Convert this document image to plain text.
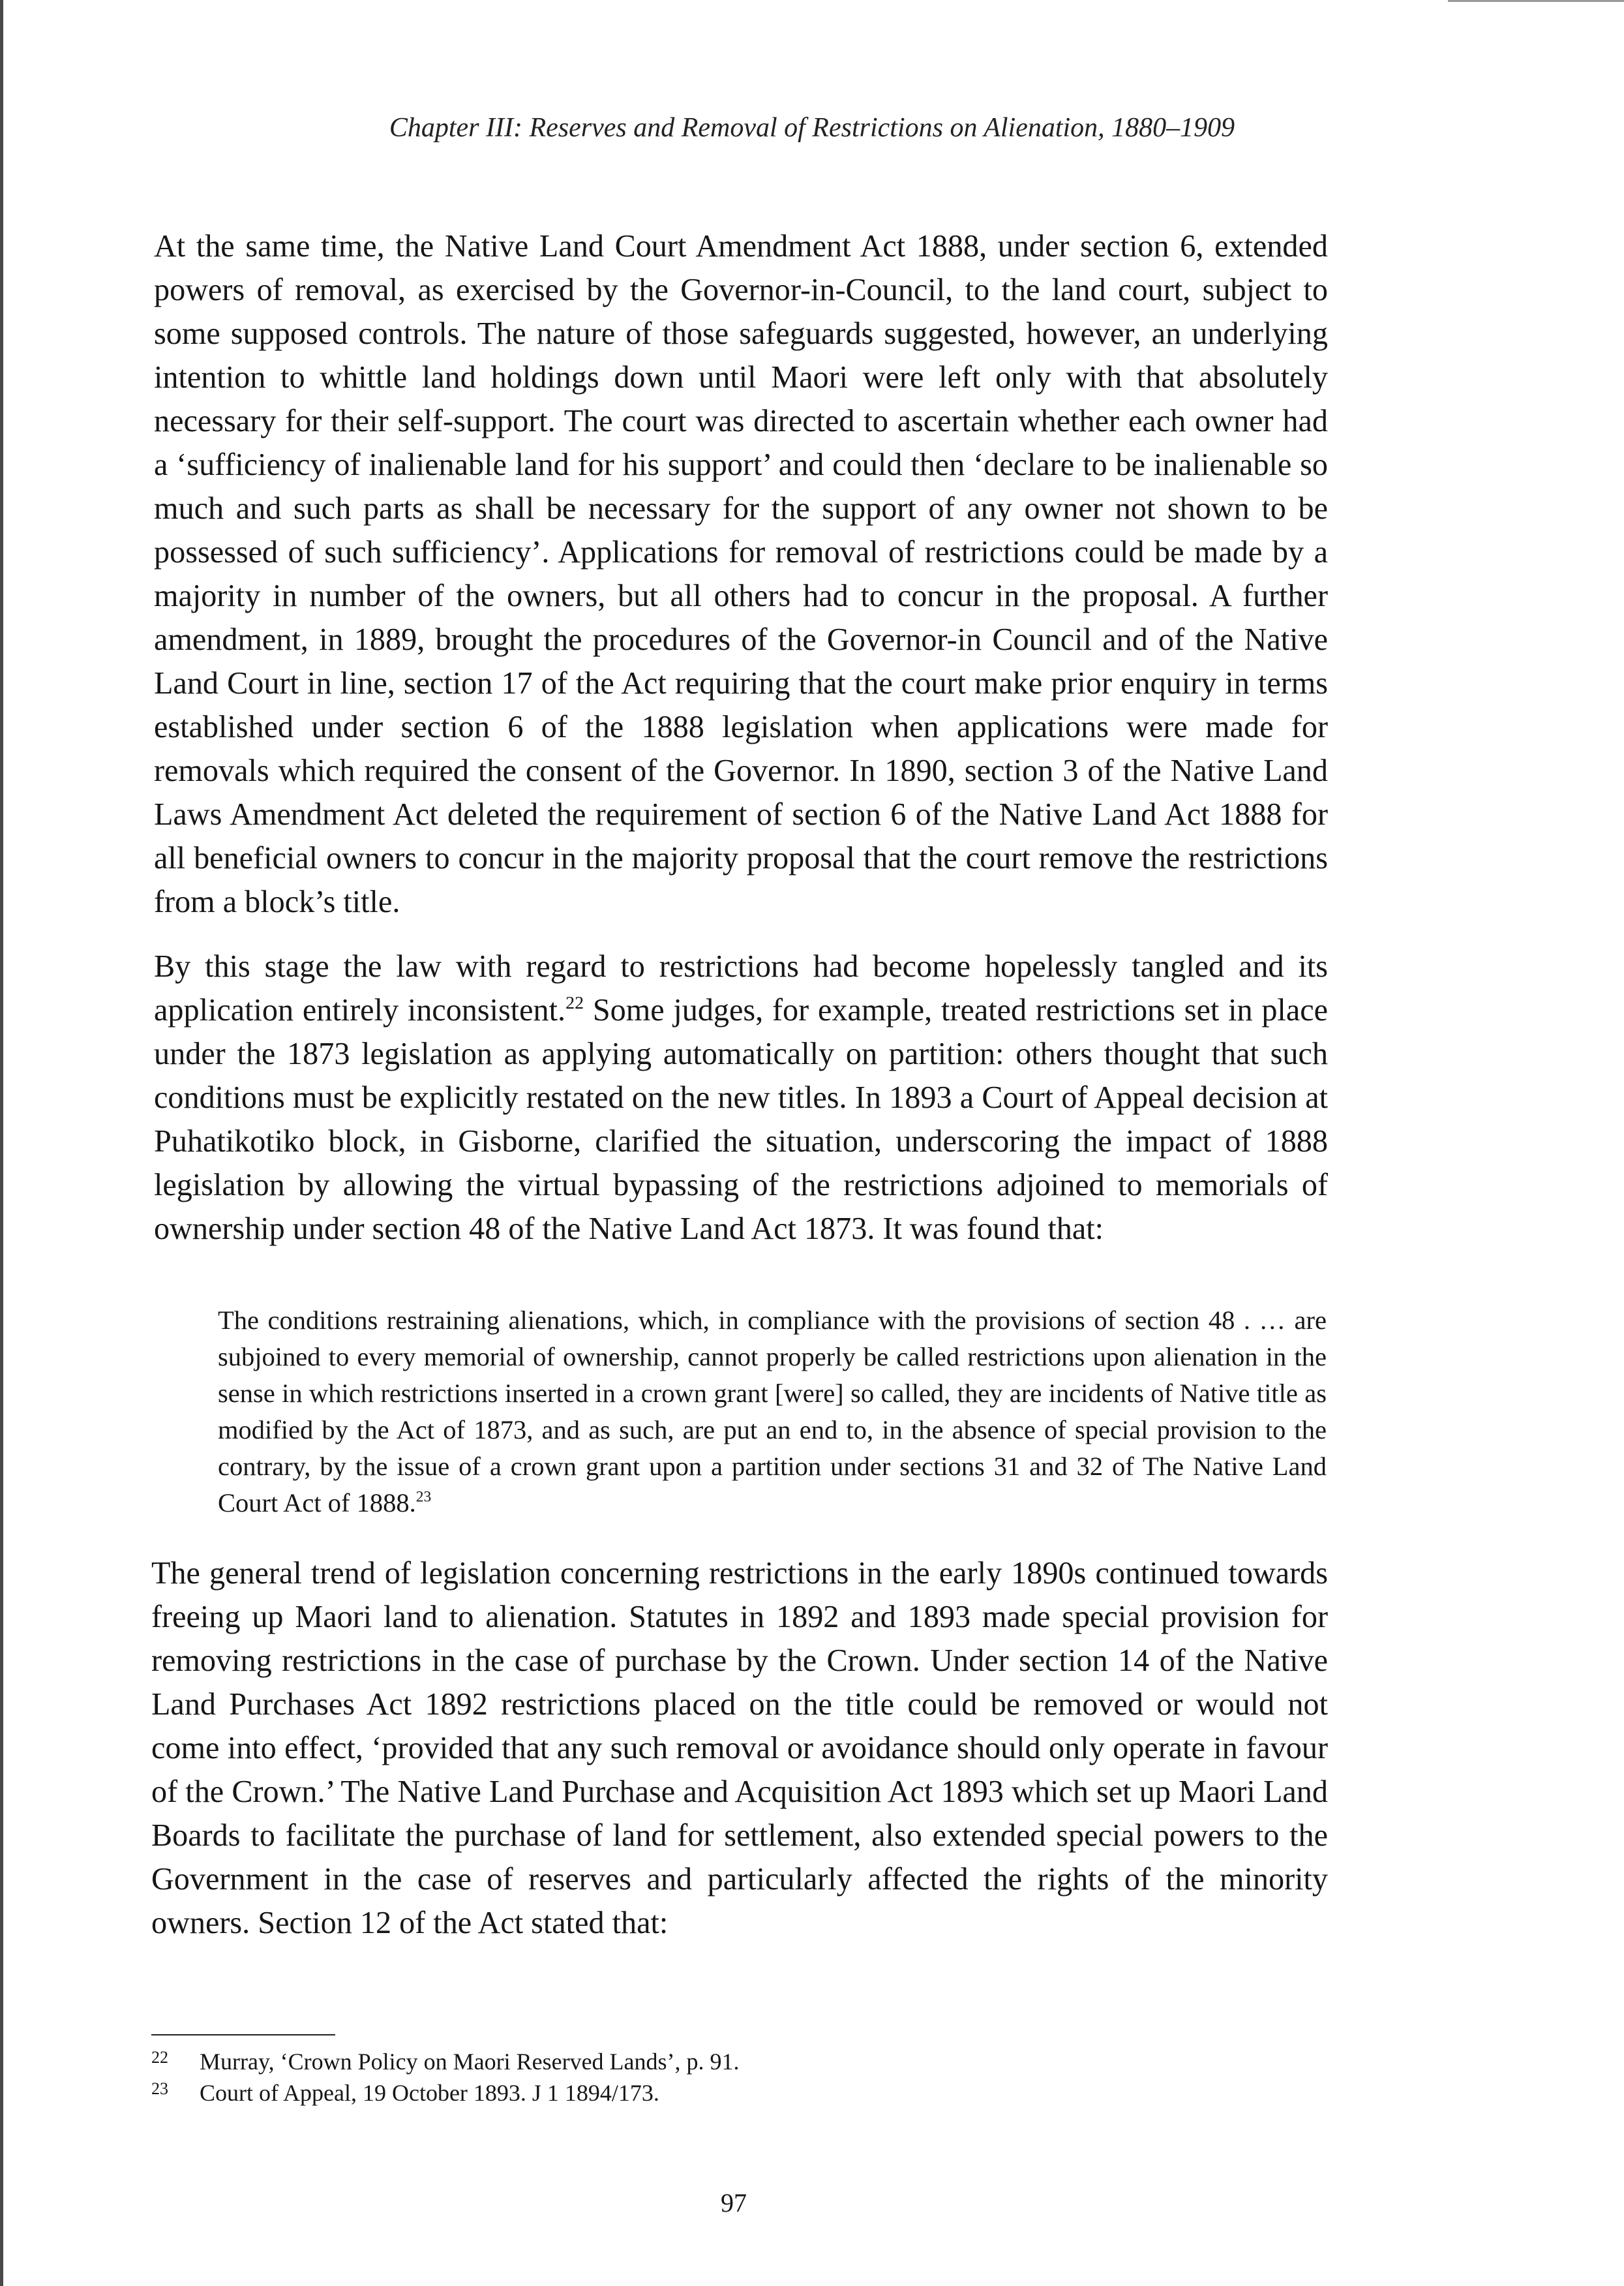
Chapter III: Reserves and Removal of Restrictions on Alienation, 1880–1909

At the same time, the Native Land Court Amendment Act 1888, under section 6, extended powers of removal, as exercised by the Governor-in-Council, to the land court, subject to some supposed controls. The nature of those safeguards suggested, however, an underlying intention to whittle land holdings down until Maori were left only with that absolutely necessary for their self-support. The court was directed to ascertain whether each owner had a ‘sufficiency of inalienable land for his support’ and could then ‘declare to be inalienable so much and such parts as shall be necessary for the support of any owner not shown to be possessed of such sufficiency’. Applications for removal of restrictions could be made by a majority in number of the owners, but all others had to concur in the proposal. A further amendment, in 1889, brought the procedures of the Governor-in Council and of the Native Land Court in line, section 17 of the Act requiring that the court make prior enquiry in terms established under section 6 of the 1888 legislation when applications were made for removals which required the consent of the Governor. In 1890, section 3 of the Native Land Laws Amendment Act deleted the requirement of section 6 of the Native Land Act 1888 for all beneficial owners to concur in the majority proposal that the court remove the restrictions from a block’s title.

By this stage the law with regard to restrictions had become hopelessly tangled and its application entirely inconsistent.$^{22}$ Some judges, for example, treated restrictions set in place under the 1873 legislation as applying automatically on partition: others thought that such conditions must be explicitly restated on the new titles. In 1893 a Court of Appeal decision at Puhatikotiko block, in Gisborne, clarified the situation, underscoring the impact of 1888 legislation by allowing the virtual bypassing of the restrictions adjoined to memorials of ownership under section 48 of the Native Land Act 1873. It was found that:

The conditions restraining alienations, which, in compliance with the provisions of section 48 . … are subjoined to every memorial of ownership, cannot properly be called restrictions upon alienation in the sense in which restrictions inserted in a crown grant [were] so called, they are incidents of Native title as modified by the Act of 1873, and as such, are put an end to, in the absence of special provision to the contrary, by the issue of a crown grant upon a partition under sections 31 and 32 of The Native Land Court Act of 1888.23

The general trend of legislation concerning restrictions in the early 1890s continued towards freeing up Maori land to alienation. Statutes in 1892 and 1893 made special provision for removing restrictions in the case of purchase by the Crown. Under section 14 of the Native Land Purchases Act 1892 restrictions placed on the title could be removed or would not come into effect, ‘provided that any such removal or avoidance should only operate in favour of the Crown.’ The Native Land Purchase and Acquisition Act 1893 which set up Maori Land Boards to facilitate the purchase of land for settlement, also extended special powers to the Government in the case of reserves and particularly affected the rights of the minority owners. Section 12 of the Act stated that:

22	Murray, ‘Crown Policy on Maori Reserved Lands’, p. 91.
23	Court of Appeal, 19 October 1893. J 1 1894/173.
97
